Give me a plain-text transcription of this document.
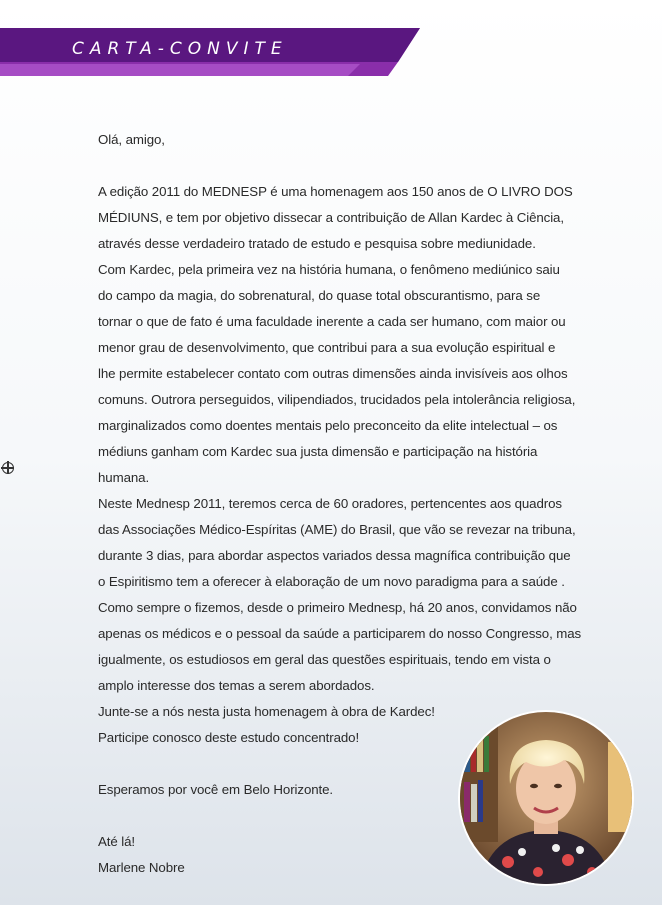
CARTA-CONVITE

Olá, amigo,

A edição 2011 do MEDNESP é uma homenagem aos 150 anos de O LIVRO DOS

MÉDIUNS, e tem por objetivo dissecar a contribuição de Allan Kardec à Ciência,

através desse verdadeiro tratado de estudo e pesquisa sobre mediunidade.

Com Kardec, pela primeira vez na história humana, o fenômeno mediúnico saiu

do campo da magia, do sobrenatural, do quase total obscurantismo, para se

tornar o que de fato é uma faculdade inerente a cada ser humano, com maior ou

menor grau de desenvolvimento, que contribui para a sua evolução espiritual e

lhe permite estabelecer contato com outras dimensões ainda invisíveis aos olhos

comuns. Outrora perseguidos, vilipendiados, trucidados pela intolerância religiosa,

marginalizados como doentes mentais pelo preconceito da elite intelectual – os

médiuns ganham com Kardec sua justa dimensão e participação na história

humana.

Neste Mednesp 2011, teremos cerca de 60 oradores, pertencentes aos quadros

das Associações Médico-Espíritas (AME) do Brasil, que vão se revezar na tribuna,

durante 3 dias, para abordar aspectos variados dessa magnífica contribuição que

o Espiritismo tem a oferecer à elaboração de um novo paradigma para a saúde .

Como sempre o fizemos, desde o primeiro Mednesp, há 20 anos, convidamos não

apenas os médicos e o pessoal da saúde a participarem do nosso Congresso, mas

igualmente, os estudiosos em geral das questões espirituais, tendo em vista o

amplo interesse dos temas a serem abordados.

Junte-se a nós nesta justa homenagem à obra de Kardec!

Participe conosco deste estudo concentrado!

Esperamos por você em Belo Horizonte.

Até lá!

Marlene Nobre
